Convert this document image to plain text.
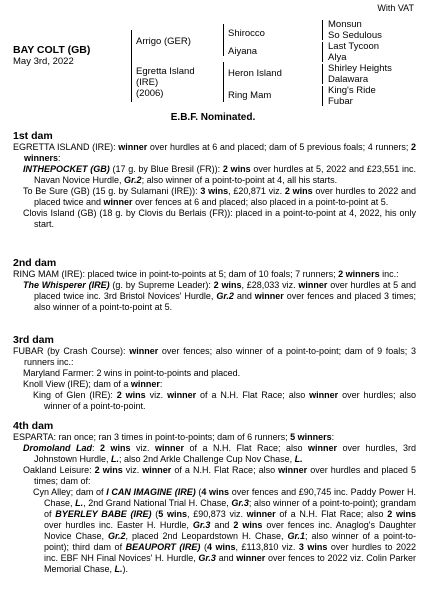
With VAT
BAY COLT (GB)
May 3rd, 2022
Arrigo (GER)
Egretta Island
(IRE)
(2006)
Shirocco
Aiyana
Heron Island
Ring Mam
Monsun
So Sedulous
Last Tycoon
Alya
Shirley Heights
Dalawara
King's Ride
Fubar
E.B.F. Nominated.
1st dam
EGRETTA ISLAND (IRE): winner over hurdles at 6 and placed; dam of 5 previous foals; 4 runners; 2 winners:
INTHEPOCKET (GB) (17 g. by Blue Bresil (FR)): 2 wins over hurdles at 5, 2022 and £23,551 inc. Navan Novice Hurdle, Gr.2; also winner of a point-to-point at 4, all his starts.
To Be Sure (GB) (15 g. by Sulamani (IRE)): 3 wins, £20,871 viz. 2 wins over hurdles to 2022 and placed twice and winner over fences at 6 and placed; also placed in a point-to-point at 5.
Clovis Island (GB) (18 g. by Clovis du Berlais (FR)): placed in a point-to-point at 4, 2022, his only start.
2nd dam
RING MAM (IRE): placed twice in point-to-points at 5; dam of 10 foals; 7 runners; 2 winners inc.:
The Whisperer (IRE) (g. by Supreme Leader): 2 wins, £28,033 viz. winner over hurdles at 5 and placed twice inc. 3rd Bristol Novices' Hurdle, Gr.2 and winner over fences and placed 3 times; also winner of a point-to-point at 5.
3rd dam
FUBAR (by Crash Course): winner over fences; also winner of a point-to-point; dam of 9 foals; 3 runners inc.:
Maryland Farmer: 2 wins in point-to-points and placed.
Knoll View (IRE); dam of a winner:
King of Glen (IRE): 2 wins viz. winner of a N.H. Flat Race; also winner over hurdles; also winner of a point-to-point.
4th dam
ESPARTA: ran once; ran 3 times in point-to-points; dam of 6 runners; 5 winners:
Dromoland Lad: 2 wins viz. winner of a N.H. Flat Race; also winner over hurdles, 3rd Johnstown Hurdle, L.; also 2nd Arkle Challenge Cup Nov Chase, L.
Oakland Leisure: 2 wins viz. winner of a N.H. Flat Race; also winner over hurdles and placed 5 times; dam of:
Cyn Alley; dam of I CAN IMAGINE (IRE) (4 wins over fences and £90,745 inc. Paddy Power H. Chase, L., 2nd Grand National Trial H. Chase, Gr.3; also winner of a point-to-point); grandam of BYERLEY BABE (IRE) (5 wins, £90,873 viz. winner of a N.H. Flat Race; also 2 wins over hurdles inc. Easter H. Hurdle, Gr.3 and 2 wins over fences inc. Anaglog's Daughter Novice Chase, Gr.2, placed 2nd Leopardstown H. Chase, Gr.1; also winner of a point-to-point); third dam of BEAUPORT (IRE) (4 wins, £113,810 viz. 3 wins over hurdles to 2022 inc. EBF NH Final Novices' H. Hurdle, Gr.3 and winner over fences to 2022 viz. Colin Parker Memorial Chase, L.).
